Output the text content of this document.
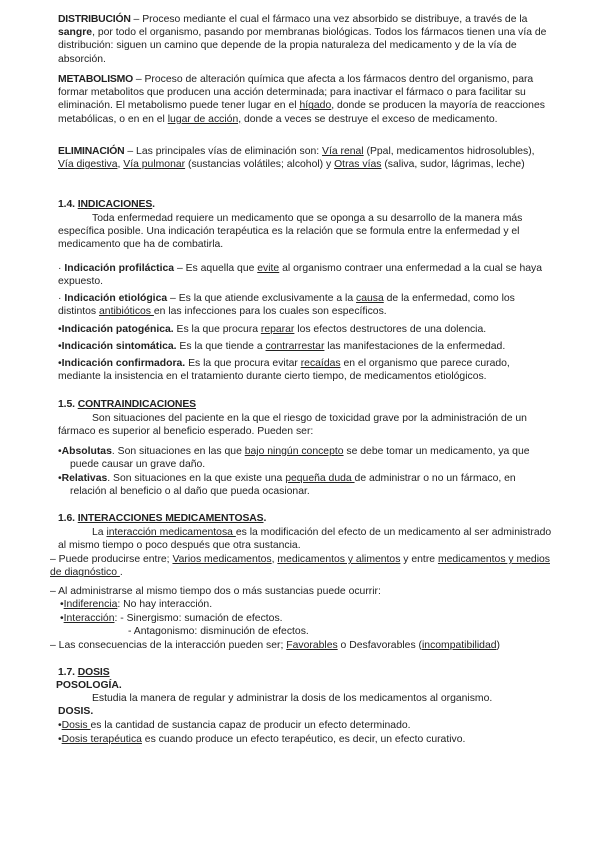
DISTRIBUCIÓN – Proceso mediante el cual el fármaco una vez absorbido se distribuye, a través de la sangre, por todo el organismo, pasando por membranas biológicas. Todos los fármacos tienen una vía de distribución: siguen un camino que depende de la propia naturaleza del medicamento y de la vía de absorción.

METABOLISMO – Proceso de alteración química que afecta a los fármacos dentro del organismo, para formar metabolitos que producen una acción determinada; para inactivar el fármaco o para facilitar su eliminación. El metabolismo puede tener lugar en el hígado, donde se producen la mayoría de reacciones metabólicas, o en en el lugar de acción, donde a veces se destruye el exceso de medicamento.

ELIMINACIÓN – Las principales vías de eliminación son: Vía renal (Ppal, medicamentos hidrosolubles), Vía digestiva, Vía pulmonar (sustancias volátiles; alcohol) y Otras vías (saliva, sudor, lágrimas, leche)

1.4. INDICACIONES.

Toda enfermedad requiere un medicamento que se oponga a su desarrollo de la manera más específica posible. Una indicación terapéutica es la relación que se formula entre la enfermedad y el medicamento que ha de combatirla.

· Indicación profiláctica – Es aquella que evite al organismo contraer una enfermedad a la cual se haya expuesto.

· Indicación etiológica – Es la que atiende exclusivamente a la causa de la enfermedad, como los distintos antibióticos en las infecciones para los cuales son específicos.

•Indicación patogénica. Es la que procura reparar los efectos destructores de una dolencia.

•Indicación sintomática. Es la que tiende a contrarrestar las manifestaciones de la enfermedad.

•Indicación confirmadora. Es la que procura evitar recaídas en el organismo que parece curado, mediante la insistencia en el tratamiento durante cierto tiempo, de medicamentos etiológicos.

1.5. CONTRAINDICACIONES

Son situaciones del paciente en la que el riesgo de toxicidad grave por la administración de un fármaco es superior al beneficio esperado. Pueden ser:

•Absolutas. Son situaciones en las que bajo ningún concepto se debe tomar un medicamento, ya que puede causar un grave daño.

•Relativas. Son situaciones en la que existe una pequeña duda de administrar o no un fármaco, en relación al beneficio o al daño que pueda ocasionar.

1.6. INTERACCIONES MEDICAMENTOSAS.

La interacción medicamentosa es la modificación del efecto de un medicamento al ser administrado al mismo tiempo o poco después que otra sustancia.

– Puede producirse entre; Varios medicamentos, medicamentos y alimentos y entre medicamentos y medios de diagnóstico .

– Al administrarse al mismo tiempo dos o más sustancias puede ocurrir:

•Indiferencia: No hay interacción.

•Interacción: - Sinergismo: sumación de efectos.

- Antagonismo: disminución de efectos.

– Las consecuencias de la interacción pueden ser; Favorables o Desfavorables (incompatibilidad)

1.7. DOSIS

POSOLOGÍA.

Estudia la manera de regular y administrar la dosis de los medicamentos al organismo.

DOSIS.

•Dosis es la cantidad de sustancia capaz de producir un efecto determinado.

•Dosis terapéutica es cuando produce un efecto terapéutico, es decir, un efecto curativo.
